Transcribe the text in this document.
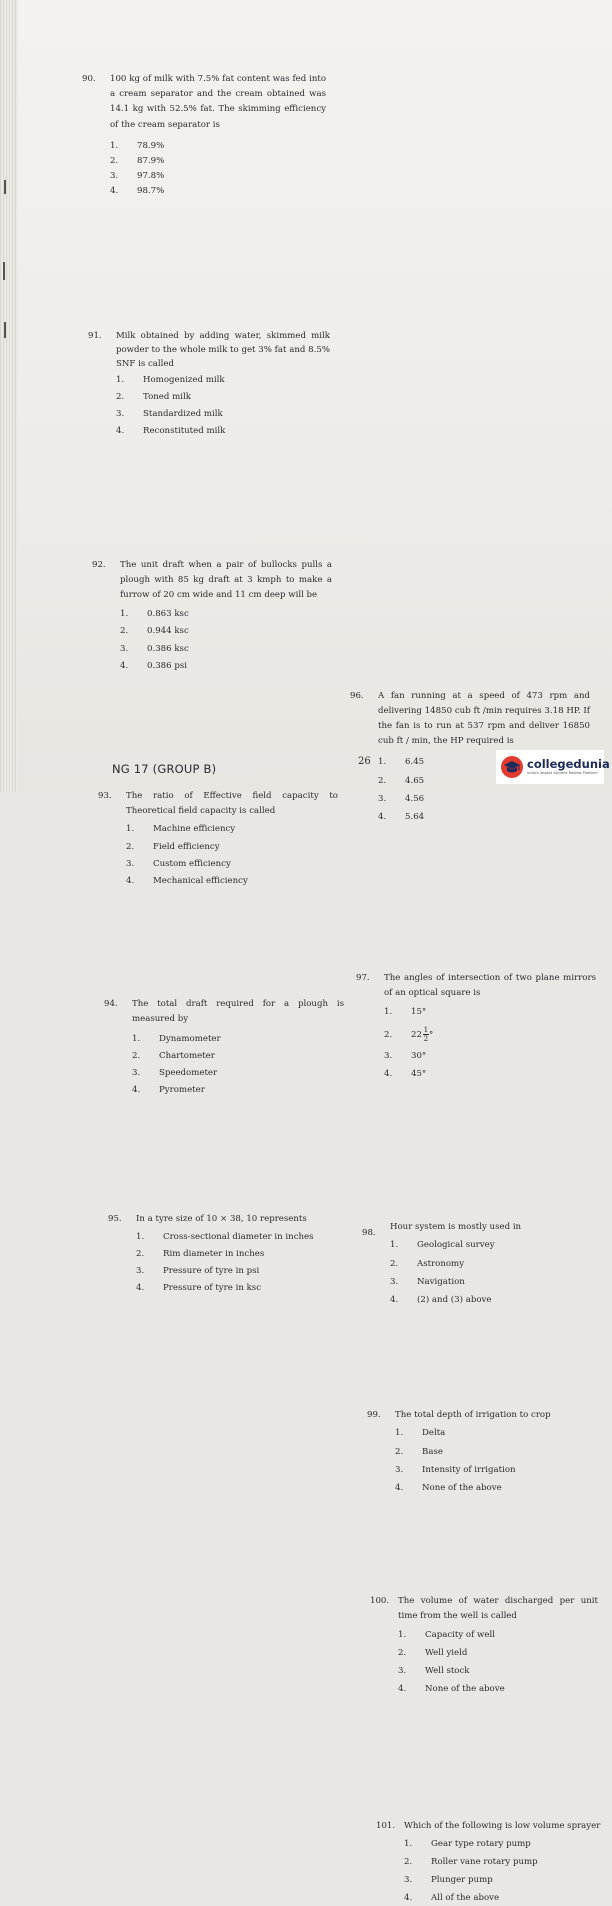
90. 100 kg of milk with 7.5% fat content was fed into a cream separator and the cream obtained was 14.1 kg with 52.5% fat. The skimming efficiency of the cream separator is
1.	78.9%
2.	87.9%
3.	97.8%
4.	98.7%
91. Milk obtained by adding water, skimmed milk powder to the whole milk to get 3% fat and 8.5% SNF is called
1.	Homogenized milk
2.	Toned milk
3.	Standardized milk
4.	Reconstituted milk
92. The unit draft when a pair of bullocks pulls a plough with 85 kg draft at 3 kmph to make a furrow of 20 cm wide and 11 cm deep will be
1.	0.863 ksc
2.	0.944 ksc
3.	0.386 ksc
4.	0.386 psi
93. The ratio of Effective field capacity to Theoretical field capacity is called
1.	Machine efficiency
2.	Field efficiency
3.	Custom efficiency
4.	Mechanical efficiency
94. The total draft required for a plough is measured by
1.	Dynamometer
2.	Chartometer
3.	Speedometer
4.	Pyrometer
95. In a tyre size of 10 × 38, 10 represents
1.	Cross-sectional diameter in inches
2.	Rim diameter in inches
3.	Pressure of tyre in psi
4.	Pressure of tyre in ksc
96. A fan running at a speed of 473 rpm and delivering 14850 cub ft /min requires 3.18 HP. If the fan is to run at 537 rpm and deliver 16850 cub ft / min, the HP required is
1.	6.45
2.	4.65
3.	4.56
4.	5.64
97. The angles of intersection of two plane mirrors of an optical square is
1.	15°
2.	$22 \frac{1}{2}$ °
3.	30°
4.	45°
98.
Hour system is mostly used in
1.	Geological survey
2.	Astronomy
3.	Navigation
4.	(2) and (3) above
99. The total depth of irrigation to crop
1.	Delta
2.	Base
3.	Intensity of irrigation
4.	None of the above
100. The volume of water discharged per unit time from the well is called
1.	Capacity of well
2.	Well yield
3.	Well stock
4.	None of the above
101. Which of the following is low volume sprayer
1.	Gear type rotary pump
2.	Roller vane rotary pump
3.	Plunger pump
4.	All of the above
NG 17 (GROUP B)
26	collegedunia
India's largest Student Review Platform
